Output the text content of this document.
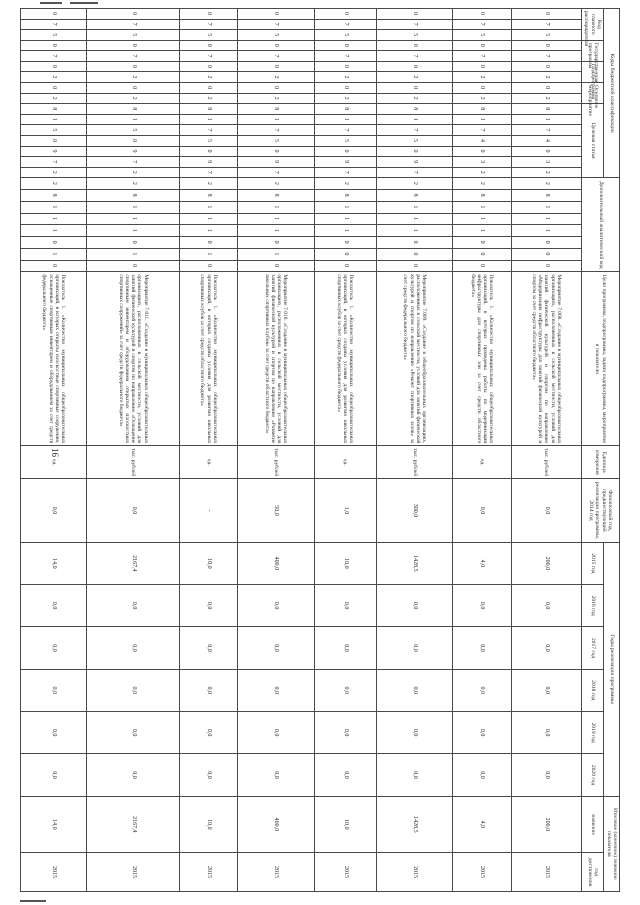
16
Коды бюджетной классификации																Дополнительный аналитический код								Цели программы, подпрограммы, задачи подпрограммы, мероприятия и показатели	Единица измерения	Финансовый год, предшествующий реализации программы, 2014 год	Годы реализации программы						Итоговое (конечное) значение показателя	
Код главного распорядителя			Государственная программа		Подпрограмма		Основное мероприятие		Целевая статья																		2015 год	2016 год	2017 год	2018 год	2019 год	2020 год	значение	год достижения
0	7	5	0	7	0	2	0	2	8	1	7	4	0	3	2	2	8	1	1	1	0	0	0	Мероприятие 7.008. «Создание в муниципальных общеобразовательных организациях, расположенных в сельской местности, условий для занятий физической культурой и спортом по направлению «Модернизация инфраструктуры для занятий физической культурой и спортом за счет средств областного бюджета»	тыс. рублей	0,0	200,0	0,0	0,0	0,0	0,0	0,0	200,0	2015
0	7	5	0	7	0	2	0	2	8	1	7	4	0	3	2	2	8	1	1	1	0	0	0	Показатель 1. «Количество муниципальных общеобразовательных организаций, в которых проведены работы по модернизации инфраструктуры для спортивных зон за счет средств областного бюджета»	ед.	0,0	4,0	0,0	0,0	0,0	0,0	0,0	4,0	2015
0	7	5	0	7	0	2	0	2	8	1	7	5	0	9	7	2	8	1	1	1	0	0	0	Мероприятие 7.009. «Создание в общеобразовательных организациях, расположенных в сельской местности, условий для занятий физической культурой и спортом по направлению «Ремонт спортивных залов» за счет средств федерального бюджета»	тыс. рублей	300,0	1428,5	0,0	0,0	0,0	0,0	0,0	1428,5	2015
0	7	5	0	7	0	2	0	2	8	1	7	5	0	9	7	2	8	1	1	1	0	0	0	Показатель 1. «Количество муниципальных общеобразовательных организаций, в которых созданы условия для развития школьных спортивных клубов за счет средств федерального бюджета»	ед.	1,0	10,0	0,0	0,0	0,0	0,0	0,0	10,0	2015
0	7	5	0	7	0	2	0	2	8	1	7	5	0	9	7	2	8	1	1	1	0	1	0	Мероприятие 7.010. «Создание в муниципальных общеобразовательных организациях, расположенных в сельской местности, условий для занятий физической культурой и спортом по направлению «Развитие школьных спортивных клубов» за счет средств областного бюджета»	тыс. рублей	50,0	400,0	0,0	0,0	0,0	0,0	0,0	400,0	2015
0	7	5	0	7	0	2	0	2	8	1	7	5	0	9	7	2	8	1	1	1	0	1	0	Показатель 1. «Количество муниципальных общеобразовательных организаций, в которых созданы условия для развития школьных спортивных клубов за счет средств областного бюджета»	ед.	-	10,0	0,0	0,0	0,0	0,0	0,0	10,0	2015
0	7	5	0	7	0	2	0	2	8	1	5	0	9	7	2	2	8	1	1	1	0	1	0	Мероприятие 7.011. «Создание в муниципальных общеобразовательных организациях, расположенных в сельской местности, условий для занятий физической культурой и спортом по направлению «Оснащение спортивным инвентарем и оборудованием открытых плоскостных спортивных сооружений» за счет средств федерального бюджета»	тыс. рублей	0,0	2167,4	0,0	0,0	0,0	0,0	0,0	2167,4	2015
0	7	5	0	7	0	2	0	2	8	1	5	0	9	7	2	2	8	1	1	1	0	1	0	Показатель 1. «Количество муниципальных общеобразовательных организаций, в которых открыты плоскостные спортивные сооружения, оснащенные спортивным инвентарем и оборудованием за счет средств федерального бюджета»	ед.	0,0	14,0	0,0	0,0	0,0	0,0	0,0	14,0	2015
